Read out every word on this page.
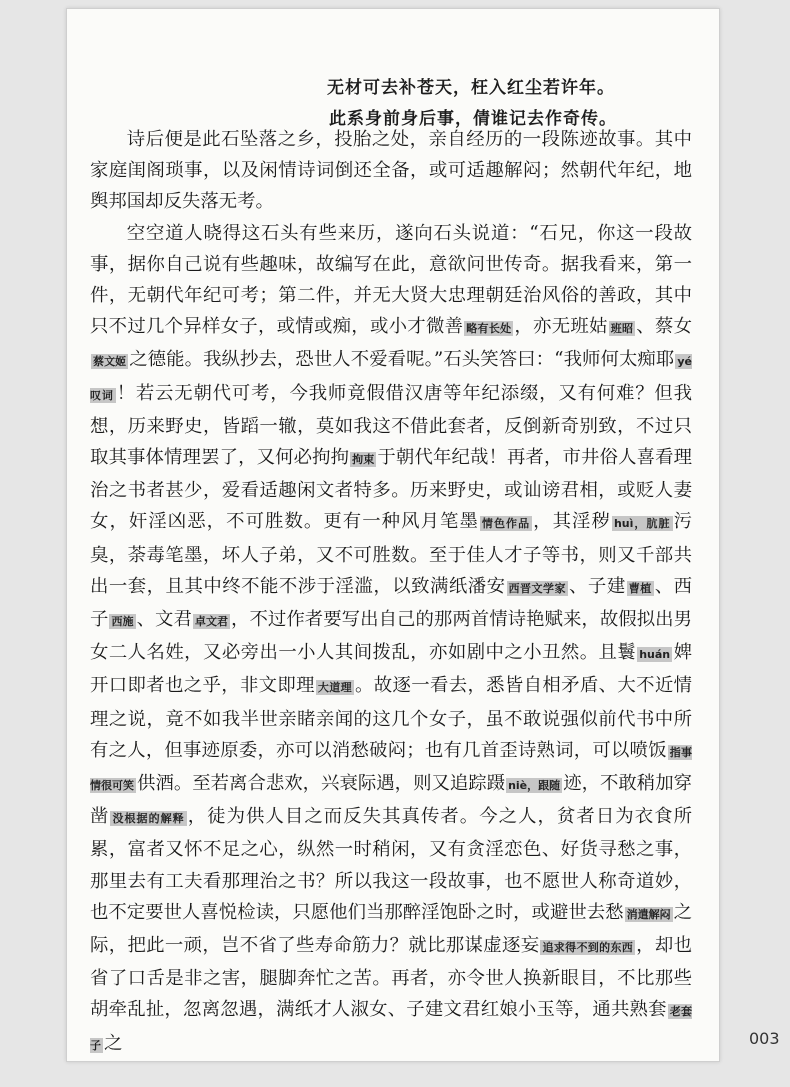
无材可去补苍天，枉入红尘若许年。
此系身前身后事，倩谁记去作奇传。
003

诗后便是此石坠落之乡，投胎之处，亲自经历的一段陈迹故事。其中家庭闺阁琐事，以及闲情诗词倒还全备，或可适趣解闷；然朝代年纪，地舆邦国却反失落无考。

空空道人晓得这石头有些来历，遂向石头说道：“石兄，你这一段故事，据你自己说有些趣味，故编写在此，意欲问世传奇。据我看来，第一件，无朝代年纪可考；第二件，并无大贤大忠理朝廷治风俗的善政，其中只不过几个异样女子，或情或痴，或小才微善 略有长处 ，亦无班姑 班昭 、蔡女蔡文姬 之德能。我纵抄去，恐世人不爱看呢。”石头笑答曰：“我师何太痴耶 yé 叹词 ！若云无朝代可考，今我师竟假借汉唐等年纪添缀，又有何难？但我想，历来野史，皆蹈一辙，莫如我这不借此套者，反倒新奇别致，不过只取其事体情理罢了，又何必拘拘 拘束 于朝代年纪哉！再者，市井俗人喜看理治之书者甚少，爱看适趣闲文者特多。历来野史，或讪谤君相，或贬人妻女，奸淫凶恶，不可胜数。更有一种风月笔墨 情色作品 ，其淫秽 huì，肮脏 污臭，荼毒笔墨，坏人子弟，又不可胜数。至于佳人才子等书，则又千部共出一套，且其中终不能不涉于淫滥，以致满纸潘安 西晋文学家 、子建 曹植 、西子 西施 、文君 卓文君 ，不过作者要写出自己的那两首情诗艳赋来，故假拟出男女二人名姓，又必旁出一小人其间拨乱，亦如剧中之小丑然。且鬟 huán 婢开口即者也之乎，非文即理 大道理 。故逐一看去，悉皆自相矛盾、大不近情理之说，竟不如我半世亲睹亲闻的这几个女子，虽不敢说强似前代书中所有之人，但事迹原委，亦可以消愁破闷；也有几首歪诗熟词，可以喷饭 指事情很可笑 供酒。至若离合悲欢，兴衰际遇，则又追踪蹑 niè，跟随 迹，不敢稍加穿凿 没根据的解释 ，徒为供人目之而反失其真传者。今之人，贫者日为衣食所累，富者又怀不足之心，纵然一时稍闲，又有贪淫恋色、好货寻愁之事，那里去有工夫看那理治之书？所以我这一段故事，也不愿世人称奇道妙，也不定要世人喜悦检读，只愿他们当那醉淫饱卧之时，或避世去愁 消遣解闷 之际，把此一顽，岂不省了些寿命筋力？就比那谋虚逐妄 追求得不到的东西 ，却也省了口舌是非之害，腿脚奔忙之苦。再者，亦令世人换新眼目，不比那些胡牵乱扯，忽离忽遇，满纸才人淑女、子建文君红娘小玉等，通共熟套 老套子 之
